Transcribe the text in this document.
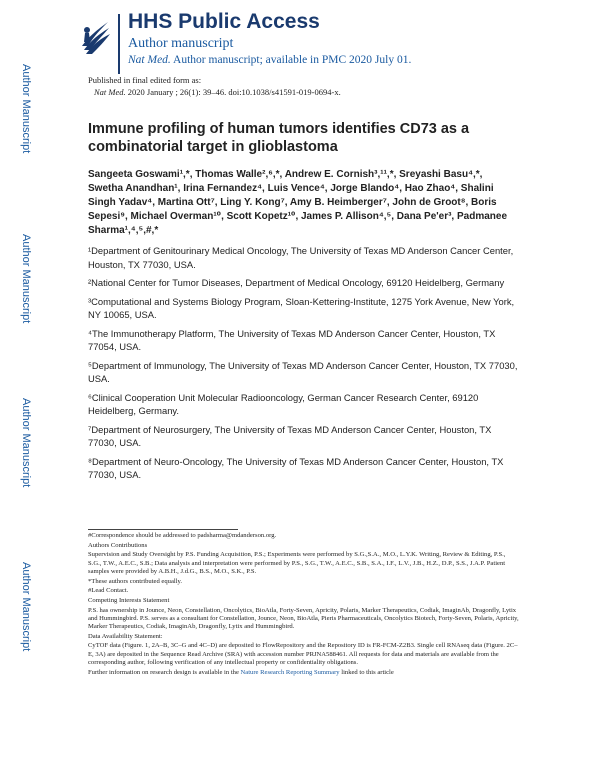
Author Manuscript
Author Manuscript
Author Manuscript
Author Manuscript
HHS Public Access
Author manuscript
Nat Med. Author manuscript; available in PMC 2020 July 01.
Published in final edited form as:
Nat Med. 2020 January ; 26(1): 39–46. doi:10.1038/s41591-019-0694-x.
Immune profiling of human tumors identifies CD73 as a combinatorial target in glioblastoma

Sangeeta Goswami¹,*, Thomas Walle²,⁶,*, Andrew E. Cornish³,¹¹,*, Sreyashi Basu⁴,*, Swetha Anandhan¹, Irina Fernandez⁴, Luis Vence⁴, Jorge Blando⁴, Hao Zhao⁴, Shalini Singh Yadav⁴, Martina Ott⁷, Ling Y. Kong⁷, Amy B. Heimberger⁷, John de Groot⁸, Boris Sepesi⁹, Michael Overman¹⁰, Scott Kopetz¹⁰, James P. Allison⁴,⁵, Dana Pe'er³, Padmanee Sharma¹,⁴,⁵,#,*

¹Department of Genitourinary Medical Oncology, The University of Texas MD Anderson Cancer Center, Houston, TX 77030, USA.

²National Center for Tumor Diseases, Department of Medical Oncology, 69120 Heidelberg, Germany

³Computational and Systems Biology Program, Sloan-Kettering-Institute, 1275 York Avenue, New York, NY 10065, USA.

⁴The Immunotherapy Platform, The University of Texas MD Anderson Cancer Center, Houston, TX 77054, USA.

⁵Department of Immunology, The University of Texas MD Anderson Cancer Center, Houston, TX 77030, USA.

⁶Clinical Cooperation Unit Molecular Radiooncology, German Cancer Research Center, 69120 Heidelberg, Germany.

⁷Department of Neurosurgery, The University of Texas MD Anderson Cancer Center, Houston, TX 77030, USA.

⁸Department of Neuro-Oncology, The University of Texas MD Anderson Cancer Center, Houston, TX 77030, USA.

#Correspondence should be addressed to padsharma@mdanderson.org.

Authors Contributions

Supervision and Study Oversight by P.S. Funding Acquisition, P.S.; Experiments were performed by S.G.,S.A., M.O., L.Y.K. Writing, Review & Editing, P.S., S.G., T.W., A.E.C., S.B.; Data analysis and interpretation were performed by P.S., S.G., T.W., A.E.C., S.B., S.A., I.F., L.V., J.B., H.Z., D.P., S.S., J.A.P. Patient samples were provided by A.B.H., J.d.G., B.S., M.O., S.K., P.S.

*These authors contributed equally.

#Lead Contact.

Competing Interests Statement

P.S. has ownership in Jounce, Neon, Constellation, Oncolytics, BioAtla, Forty-Seven, Apricity, Polaris, Marker Therapeutics, Codiak, ImaginAb, Dragonfly, Lytix and Hummingbird. P.S. serves as a consultant for Constellation, Jounce, Neon, BioAtla, Pieris Pharmaceuticals, Oncolytics Biotech, Forty-Seven, Polaris, Apricity, Marker Therapeutics, Codiak, ImaginAb, Dragonfly, Lytix and Hummingbird.

Data Availability Statement:

CyTOF data (Figure. 1, 2A–B, 3C–G and 4C–D) are deposited to FlowRepository and the Repository ID is FR-FCM-Z2B3. Single cell RNAseq data (Figure. 2C–E, 3A) are deposited in the Sequence Read Archive (SRA) with accession number PRJNA588461. All requests for data and materials are available from the corresponding author, following verification of any intellectual property or confidentiality obligations.

Further information on research design is available in the Nature Research Reporting Summary linked to this article
